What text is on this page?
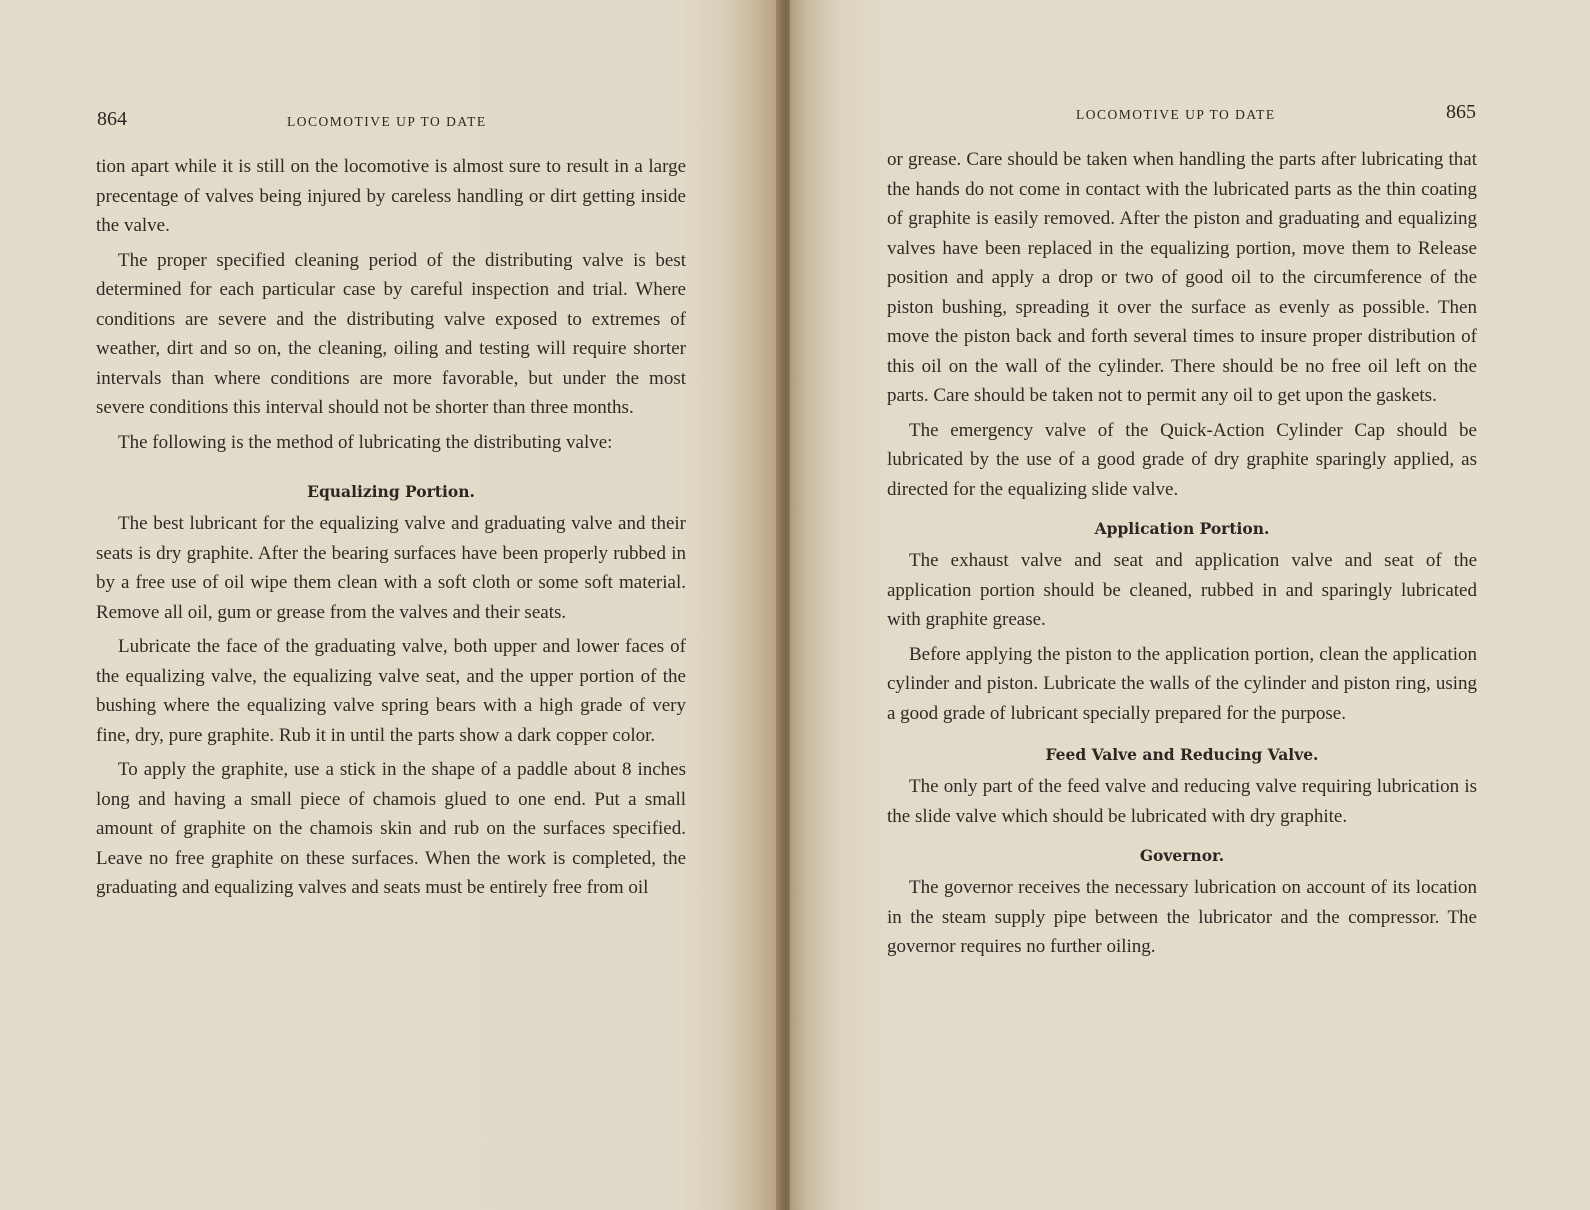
864	LOCOMOTIVE UP TO DATE

tion apart while it is still on the locomotive is almost sure to result in a large precentage of valves being injured by careless handling or dirt getting inside the valve.

The proper specified cleaning period of the distributing valve is best determined for each particular case by careful inspection and trial. Where conditions are severe and the distributing valve exposed to extremes of weather, dirt and so on, the cleaning, oiling and testing will require shorter intervals than where conditions are more favorable, but under the most severe conditions this interval should not be shorter than three months.

The following is the method of lubricating the distributing valve:

Equalizing Portion.

The best lubricant for the equalizing valve and graduating valve and their seats is dry graphite. After the bearing surfaces have been properly rubbed in by a free use of oil wipe them clean with a soft cloth or some soft material. Remove all oil, gum or grease from the valves and their seats.

Lubricate the face of the graduating valve, both upper and lower faces of the equalizing valve, the equalizing valve seat, and the upper portion of the bushing where the equalizing valve spring bears with a high grade of very fine, dry, pure graphite. Rub it in until the parts show a dark copper color.

To apply the graphite, use a stick in the shape of a paddle about 8 inches long and having a small piece of chamois glued to one end. Put a small amount of graphite on the chamois skin and rub on the surfaces specified. Leave no free graphite on these surfaces. When the work is completed, the graduating and equalizing valves and seats must be entirely free from oil

LOCOMOTIVE UP TO DATE	865

or grease. Care should be taken when handling the parts after lubricating that the hands do not come in contact with the lubricated parts as the thin coating of graphite is easily removed. After the piston and graduating and equalizing valves have been replaced in the equalizing portion, move them to Release position and apply a drop or two of good oil to the circumference of the piston bushing, spreading it over the surface as evenly as possible. Then move the piston back and forth several times to insure proper distribution of this oil on the wall of the cylinder. There should be no free oil left on the parts. Care should be taken not to permit any oil to get upon the gaskets.

The emergency valve of the Quick-Action Cylinder Cap should be lubricated by the use of a good grade of dry graphite sparingly applied, as directed for the equalizing slide valve.

Application Portion.

The exhaust valve and seat and application valve and seat of the application portion should be cleaned, rubbed in and sparingly lubricated with graphite grease.

Before applying the piston to the application portion, clean the application cylinder and piston. Lubricate the walls of the cylinder and piston ring, using a good grade of lubricant specially prepared for the purpose.

Feed Valve and Reducing Valve.

The only part of the feed valve and reducing valve requiring lubrication is the slide valve which should be lubricated with dry graphite.

Governor.

The governor receives the necessary lubrication on account of its location in the steam supply pipe between the lubricator and the compressor. The governor requires no further oiling.
